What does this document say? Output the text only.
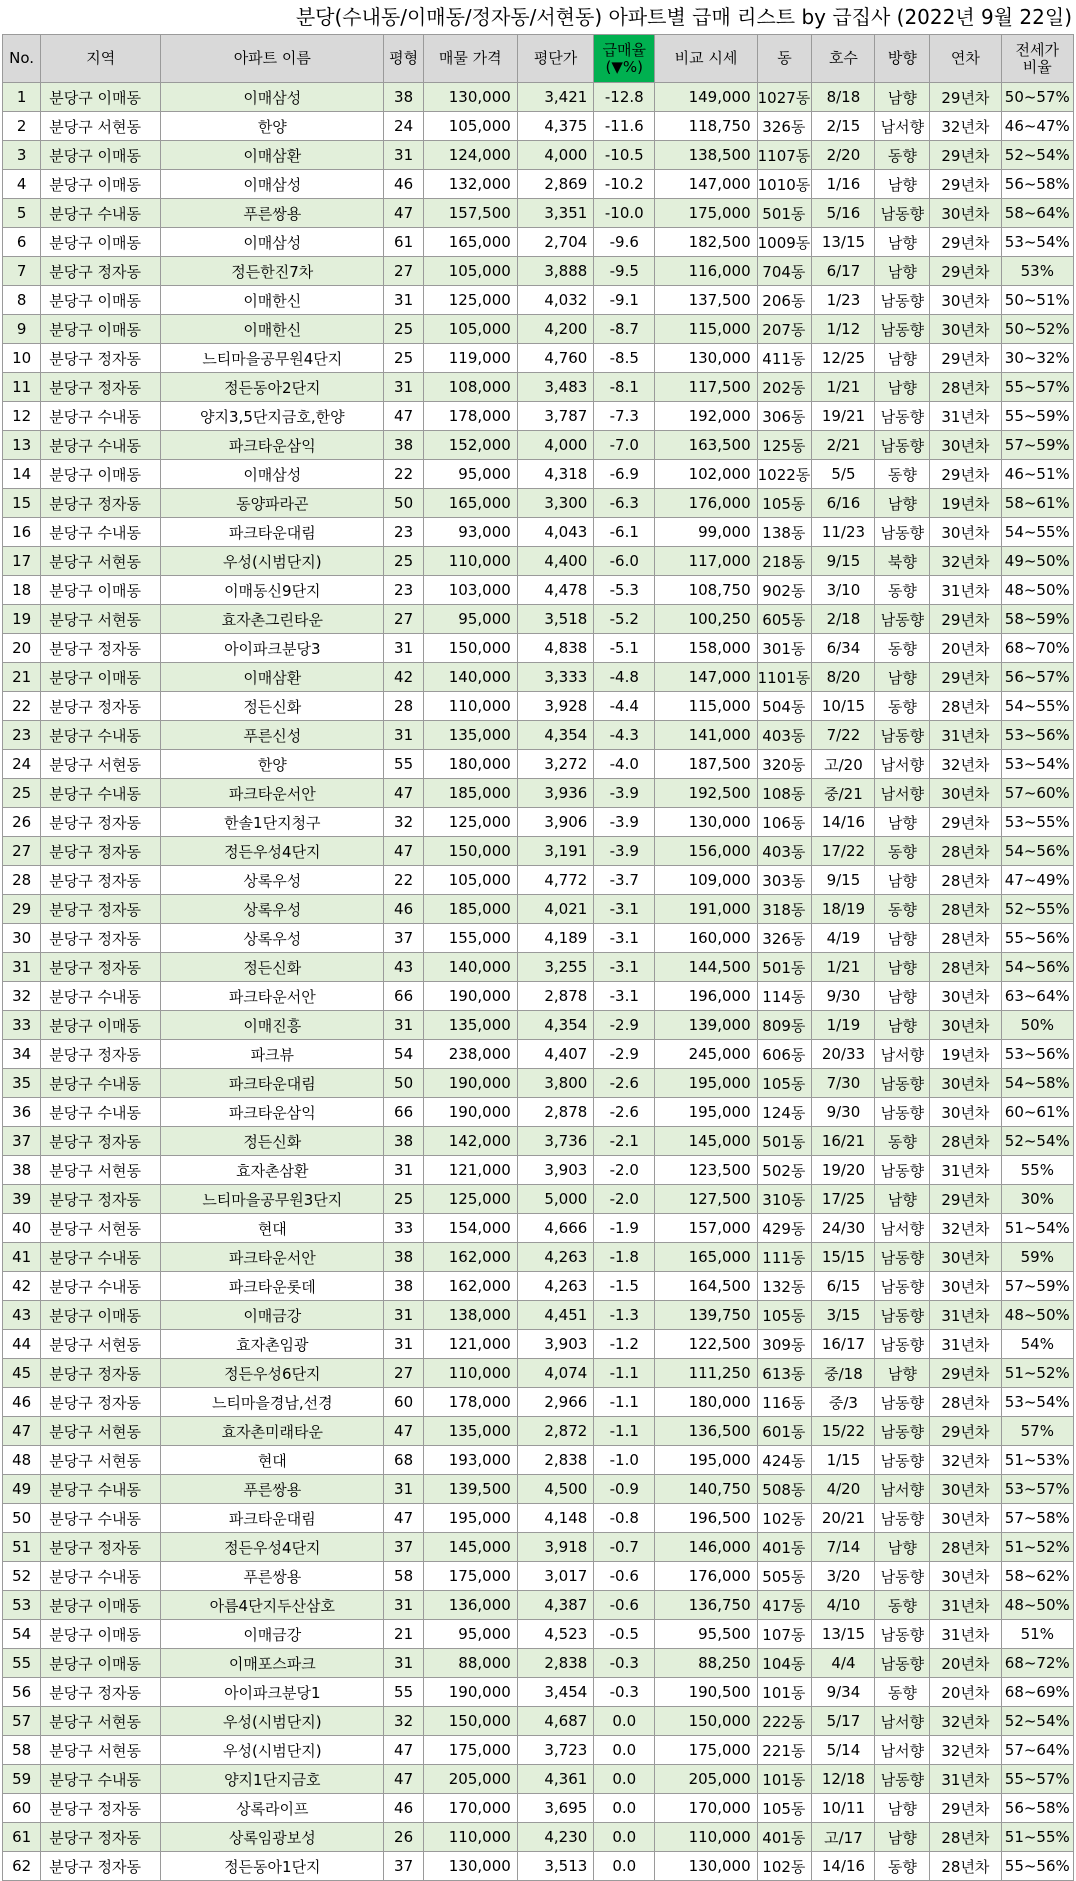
분당(수내동/이매동/정자동/서현동) 아파트별 급매 리스트 by 급집사 (2022년 9월 22일)
No.	지역	아파트 이름	평형	매물 가격	평단가	급매율
(▼%)	비교 시세	동	호수	방향	연차	전세가
비율
1	분당구 이매동	이매삼성	38	130,000	3,421	-12.8	149,000	1027동	8/18	남향	29년차	50~57%
2	분당구 서현동	한양	24	105,000	4,375	-11.6	118,750	326동	2/15	남서향	32년차	46~47%
3	분당구 이매동	이매삼환	31	124,000	4,000	-10.5	138,500	1107동	2/20	동향	29년차	52~54%
4	분당구 이매동	이매삼성	46	132,000	2,869	-10.2	147,000	1010동	1/16	남향	29년차	56~58%
5	분당구 수내동	푸른쌍용	47	157,500	3,351	-10.0	175,000	501동	5/16	남동향	30년차	58~64%
6	분당구 이매동	이매삼성	61	165,000	2,704	-9.6	182,500	1009동	13/15	남향	29년차	53~54%
7	분당구 정자동	정든한진7차	27	105,000	3,888	-9.5	116,000	704동	6/17	남향	29년차	53%
8	분당구 이매동	이매한신	31	125,000	4,032	-9.1	137,500	206동	1/23	남동향	30년차	50~51%
9	분당구 이매동	이매한신	25	105,000	4,200	-8.7	115,000	207동	1/12	남동향	30년차	50~52%
10	분당구 정자동	느티마을공무원4단지	25	119,000	4,760	-8.5	130,000	411동	12/25	남향	29년차	30~32%
11	분당구 정자동	정든동아2단지	31	108,000	3,483	-8.1	117,500	202동	1/21	남향	28년차	55~57%
12	분당구 수내동	양지3,5단지금호,한양	47	178,000	3,787	-7.3	192,000	306동	19/21	남동향	31년차	55~59%
13	분당구 수내동	파크타운삼익	38	152,000	4,000	-7.0	163,500	125동	2/21	남동향	30년차	57~59%
14	분당구 이매동	이매삼성	22	95,000	4,318	-6.9	102,000	1022동	5/5	동향	29년차	46~51%
15	분당구 정자동	동양파라곤	50	165,000	3,300	-6.3	176,000	105동	6/16	남향	19년차	58~61%
16	분당구 수내동	파크타운대림	23	93,000	4,043	-6.1	99,000	138동	11/23	남동향	30년차	54~55%
17	분당구 서현동	우성(시범단지)	25	110,000	4,400	-6.0	117,000	218동	9/15	북향	32년차	49~50%
18	분당구 이매동	이매동신9단지	23	103,000	4,478	-5.3	108,750	902동	3/10	동향	31년차	48~50%
19	분당구 서현동	효자촌그린타운	27	95,000	3,518	-5.2	100,250	605동	2/18	남동향	29년차	58~59%
20	분당구 정자동	아이파크분당3	31	150,000	4,838	-5.1	158,000	301동	6/34	동향	20년차	68~70%
21	분당구 이매동	이매삼환	42	140,000	3,333	-4.8	147,000	1101동	8/20	남향	29년차	56~57%
22	분당구 정자동	정든신화	28	110,000	3,928	-4.4	115,000	504동	10/15	동향	28년차	54~55%
23	분당구 수내동	푸른신성	31	135,000	4,354	-4.3	141,000	403동	7/22	남동향	31년차	53~56%
24	분당구 서현동	한양	55	180,000	3,272	-4.0	187,500	320동	고/20	남서향	32년차	53~54%
25	분당구 수내동	파크타운서안	47	185,000	3,936	-3.9	192,500	108동	중/21	남서향	30년차	57~60%
26	분당구 정자동	한솔1단지청구	32	125,000	3,906	-3.9	130,000	106동	14/16	남향	29년차	53~55%
27	분당구 정자동	정든우성4단지	47	150,000	3,191	-3.9	156,000	403동	17/22	동향	28년차	54~56%
28	분당구 정자동	상록우성	22	105,000	4,772	-3.7	109,000	303동	9/15	남향	28년차	47~49%
29	분당구 정자동	상록우성	46	185,000	4,021	-3.1	191,000	318동	18/19	동향	28년차	52~55%
30	분당구 정자동	상록우성	37	155,000	4,189	-3.1	160,000	326동	4/19	남향	28년차	55~56%
31	분당구 정자동	정든신화	43	140,000	3,255	-3.1	144,500	501동	1/21	남향	28년차	54~56%
32	분당구 수내동	파크타운서안	66	190,000	2,878	-3.1	196,000	114동	9/30	남향	30년차	63~64%
33	분당구 이매동	이매진흥	31	135,000	4,354	-2.9	139,000	809동	1/19	남향	30년차	50%
34	분당구 정자동	파크뷰	54	238,000	4,407	-2.9	245,000	606동	20/33	남서향	19년차	53~56%
35	분당구 수내동	파크타운대림	50	190,000	3,800	-2.6	195,000	105동	7/30	남동향	30년차	54~58%
36	분당구 수내동	파크타운삼익	66	190,000	2,878	-2.6	195,000	124동	9/30	남동향	30년차	60~61%
37	분당구 정자동	정든신화	38	142,000	3,736	-2.1	145,000	501동	16/21	동향	28년차	52~54%
38	분당구 서현동	효자촌삼환	31	121,000	3,903	-2.0	123,500	502동	19/20	남동향	31년차	55%
39	분당구 정자동	느티마을공무원3단지	25	125,000	5,000	-2.0	127,500	310동	17/25	남향	29년차	30%
40	분당구 서현동	현대	33	154,000	4,666	-1.9	157,000	429동	24/30	남서향	32년차	51~54%
41	분당구 수내동	파크타운서안	38	162,000	4,263	-1.8	165,000	111동	15/15	남동향	30년차	59%
42	분당구 수내동	파크타운롯데	38	162,000	4,263	-1.5	164,500	132동	6/15	남동향	30년차	57~59%
43	분당구 이매동	이매금강	31	138,000	4,451	-1.3	139,750	105동	3/15	남동향	31년차	48~50%
44	분당구 서현동	효자촌임광	31	121,000	3,903	-1.2	122,500	309동	16/17	남동향	31년차	54%
45	분당구 정자동	정든우성6단지	27	110,000	4,074	-1.1	111,250	613동	중/18	남향	29년차	51~52%
46	분당구 정자동	느티마을경남,선경	60	178,000	2,966	-1.1	180,000	116동	중/3	남동향	28년차	53~54%
47	분당구 서현동	효자촌미래타운	47	135,000	2,872	-1.1	136,500	601동	15/22	남동향	29년차	57%
48	분당구 서현동	현대	68	193,000	2,838	-1.0	195,000	424동	1/15	남동향	32년차	51~53%
49	분당구 수내동	푸른쌍용	31	139,500	4,500	-0.9	140,750	508동	4/20	남서향	30년차	53~57%
50	분당구 수내동	파크타운대림	47	195,000	4,148	-0.8	196,500	102동	20/21	남동향	30년차	57~58%
51	분당구 정자동	정든우성4단지	37	145,000	3,918	-0.7	146,000	401동	7/14	남향	28년차	51~52%
52	분당구 수내동	푸른쌍용	58	175,000	3,017	-0.6	176,000	505동	3/20	남동향	30년차	58~62%
53	분당구 이매동	아름4단지두산삼호	31	136,000	4,387	-0.6	136,750	417동	4/10	동향	31년차	48~50%
54	분당구 이매동	이매금강	21	95,000	4,523	-0.5	95,500	107동	13/15	남동향	31년차	51%
55	분당구 이매동	이매포스파크	31	88,000	2,838	-0.3	88,250	104동	4/4	남동향	20년차	68~72%
56	분당구 정자동	아이파크분당1	55	190,000	3,454	-0.3	190,500	101동	9/34	동향	20년차	68~69%
57	분당구 서현동	우성(시범단지)	32	150,000	4,687	0.0	150,000	222동	5/17	남서향	32년차	52~54%
58	분당구 서현동	우성(시범단지)	47	175,000	3,723	0.0	175,000	221동	5/14	남서향	32년차	57~64%
59	분당구 수내동	양지1단지금호	47	205,000	4,361	0.0	205,000	101동	12/18	남동향	31년차	55~57%
60	분당구 정자동	상록라이프	46	170,000	3,695	0.0	170,000	105동	10/11	남향	29년차	56~58%
61	분당구 정자동	상록임광보성	26	110,000	4,230	0.0	110,000	401동	고/17	남향	28년차	51~55%
62	분당구 정자동	정든동아1단지	37	130,000	3,513	0.0	130,000	102동	14/16	동향	28년차	55~56%
